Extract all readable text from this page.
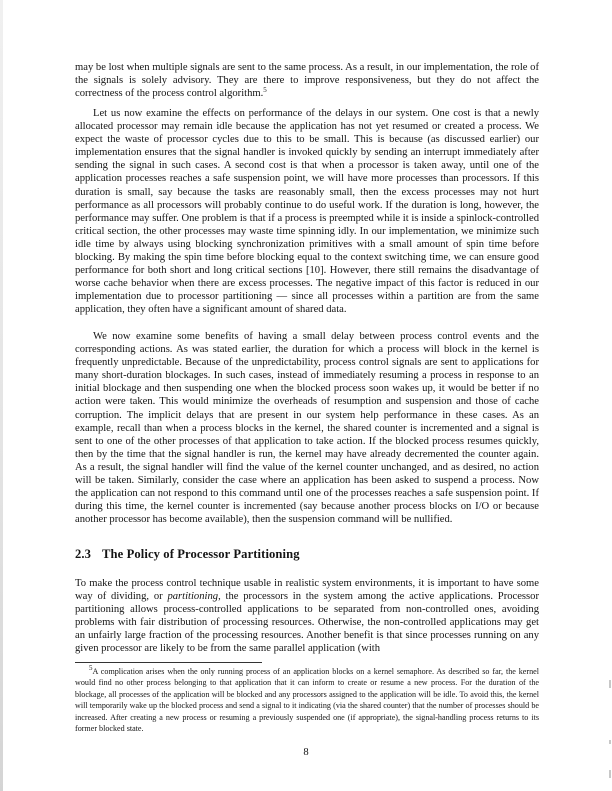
may be lost when multiple signals are sent to the same process. As a result, in our implementation, the role of the signals is solely advisory. They are there to improve responsiveness, but they do not affect the correctness of the process control algorithm.$^5$

Let us now examine the effects on performance of the delays in our system. One cost is that a newly allocated processor may remain idle because the application has not yet resumed or created a process. We expect the waste of processor cycles due to this to be small. This is because (as discussed earlier) our implementation ensures that the signal handler is invoked quickly by sending an interrupt immediately after sending the signal in such cases. A second cost is that when a processor is taken away, until one of the application processes reaches a safe suspension point, we will have more processes than processors. If this duration is small, say because the tasks are reasonably small, then the excess processes may not hurt performance as all processors will probably continue to do useful work. If the duration is long, however, the performance may suffer. One problem is that if a process is preempted while it is inside a spinlock-controlled critical section, the other processes may waste time spinning idly. In our implementation, we minimize such idle time by always using blocking synchronization primitives with a small amount of spin time before blocking. By making the spin time before blocking equal to the context switching time, we can ensure good performance for both short and long critical sections [10]. However, there still remains the disadvantage of worse cache behavior when there are excess processes. The negative impact of this factor is reduced in our implementation due to processor partitioning — since all processes within a partition are from the same application, they often have a significant amount of shared data.

We now examine some benefits of having a small delay between process control events and the corresponding actions. As was stated earlier, the duration for which a process will block in the kernel is frequently unpredictable. Because of the unpredictability, process control signals are sent to applications for many short-duration blockages. In such cases, instead of immediately resuming a process in response to an initial blockage and then suspending one when the blocked process soon wakes up, it would be better if no action were taken. This would minimize the overheads of resumption and suspension and those of cache corruption. The implicit delays that are present in our system help performance in these cases. As an example, recall than when a process blocks in the kernel, the shared counter is incremented and a signal is sent to one of the other processes of that application to take action. If the blocked process resumes quickly, then by the time that the signal handler is run, the kernel may have already decremented the counter again. As a result, the signal handler will find the value of the kernel counter unchanged, and as desired, no action will be taken. Similarly, consider the case where an application has been asked to suspend a process. Now the application can not respond to this command until one of the processes reaches a safe suspension point. If during this time, the kernel counter is incremented (say because another process blocks on I/O or because another processor has become available), then the suspension command will be nullified.

2.3 The Policy of Processor Partitioning

To make the process control technique usable in realistic system environments, it is important to have some way of dividing, or partitioning, the processors in the system among the active applications. Processor partitioning allows process-controlled applications to be separated from non-controlled ones, avoiding problems with fair distribution of processing resources. Otherwise, the non-controlled applications may get an unfairly large fraction of the processing resources. Another benefit is that since processes running on any given processor are likely to be from the same parallel application (with

$^5$A complication arises when the only running process of an application blocks on a kernel semaphore. As described so far, the kernel would find no other process belonging to that application that it can inform to create or resume a new process. For the duration of the blockage, all processes of the application will be blocked and any processors assigned to the application will be idle. To avoid this, the kernel will temporarily wake up the blocked process and send a signal to it indicating (via the shared counter) that the number of processes should be increased. After creating a new process or resuming a previously suspended one (if appropriate), the signal-handling process returns to its former blocked state.
8
